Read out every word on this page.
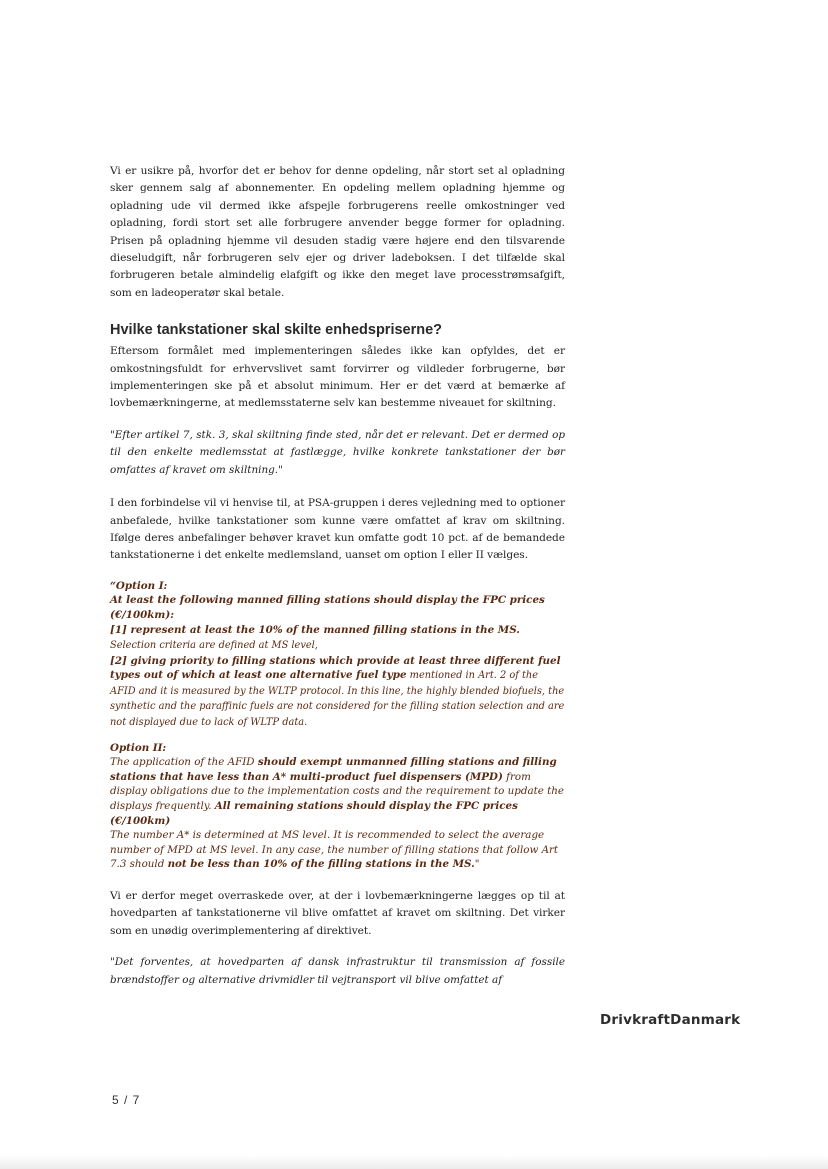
Vi er usikre på, hvorfor det er behov for denne opdeling, når stort set al opladning sker gennem salg af abonnementer. En opdeling mellem opladning hjemme og opladning ude vil dermed ikke afspejle forbrugerens reelle omkostninger ved opladning, fordi stort set alle forbrugere anvender begge former for opladning. Prisen på opladning hjemme vil desuden stadig være højere end den tilsvarende dieseludgift, når forbrugeren selv ejer og driver ladeboksen. I det tilfælde skal forbrugeren betale almindelig elafgift og ikke den meget lave processtrømsafgift, som en ladeoperatør skal betale.

Hvilke tankstationer skal skilte enhedspriserne?

Eftersom formålet med implementeringen således ikke kan opfyldes, det er omkostningsfuldt for erhvervslivet samt forvirrer og vildleder forbrugerne, bør implementeringen ske på et absolut minimum. Her er det værd at bemærke af lovbemærkningerne, at medlemsstaterne selv kan bestemme niveauet for skiltning.

"Efter artikel 7, stk. 3, skal skiltning finde sted, når det er relevant. Det er dermed op til den enkelte medlemsstat at fastlægge, hvilke konkrete tankstationer der bør omfattes af kravet om skiltning."

I den forbindelse vil vi henvise til, at PSA-gruppen i deres vejledning med to optioner anbefalede, hvilke tankstationer som kunne være omfattet af krav om skiltning. Ifølge deres anbefalinger behøver kravet kun omfatte godt 10 pct. af de bemandede tankstationerne i det enkelte medlemsland, uanset om option I eller II vælges.

“Option I:
At least the following manned filling stations should display the FPC prices (€/100km):
[1] represent at least the 10% of the manned filling stations in the MS. Selection criteria are defined at MS level,
[2] giving priority to filling stations which provide at least three different fuel types out of which at least one alternative fuel type mentioned in Art. 2 of the AFID and it is measured by the WLTP protocol. In this line, the highly blended biofuels, the synthetic and the paraffinic fuels are not considered for the filling station selection and are not displayed due to lack of WLTP data.
Option II:
The application of the AFID should exempt unmanned filling stations and filling stations that have less than A* multi-product fuel dispensers (MPD) from display obligations due to the implementation costs and the requirement to update the displays frequently. All remaining stations should display the FPC prices (€/100km)
The number A* is determined at MS level. It is recommended to select the average number of MPD at MS level. In any case, the number of filling stations that follow Art 7.3 should not be less than 10% of the filling stations in the MS."

Vi er derfor meget overraskede over, at der i lovbemærkningerne lægges op til at hovedparten af tankstationerne vil blive omfattet af kravet om skiltning. Det virker som en unødig overimplementering af direktivet.

"Det forventes, at hovedparten af dansk infrastruktur til transmission af fossile brændstoffer og alternative drivmidler til vejtransport vil blive omfattet af

DrivkraftDanmark
5 / 7
